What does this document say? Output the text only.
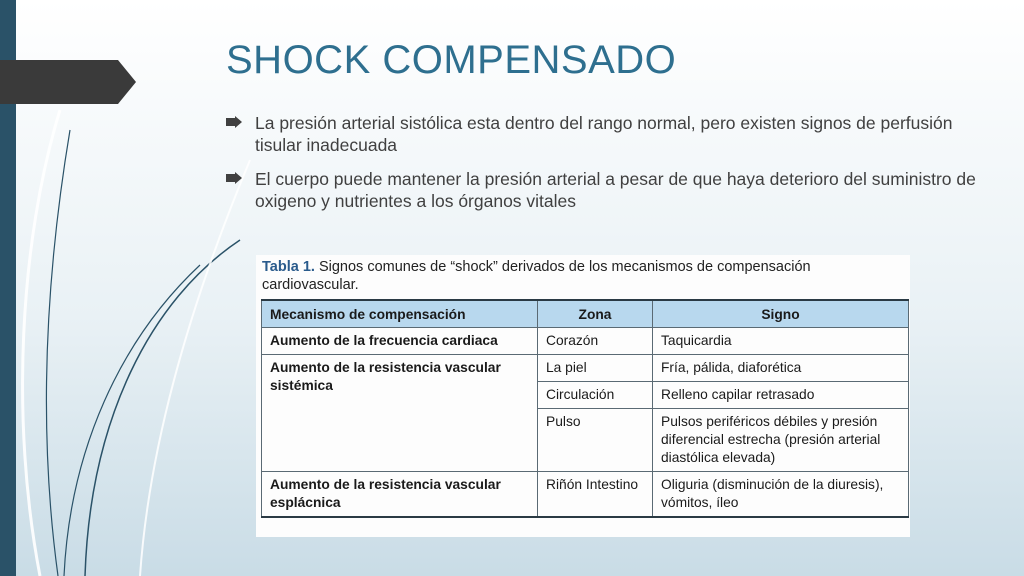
SHOCK COMPENSADO
La presión arterial sistólica esta dentro del rango normal, pero existen signos de perfusión tisular inadecuada
El cuerpo puede mantener la presión arterial a pesar de que haya deterioro del suministro de oxigeno y nutrientes a los órganos vitales

Tabla 1. Signos comunes de “shock” derivados de los mecanismos de compensación cardiovascular.

Mecanismo de compensación	Zona	Signo
Aumento de la frecuencia cardiaca	Corazón	Taquicardia
Aumento de la resistencia vascular sistémica	La piel	Fría, pálida, diaforética
	Circulación	Relleno capilar retrasado
	Pulso	Pulsos periféricos débiles y presión diferencial estrecha (presión arterial diastólica elevada)
Aumento de la resistencia vascular esplácnica	Riñón Intestino	Oliguria (disminución de la diuresis), vómitos, íleo
